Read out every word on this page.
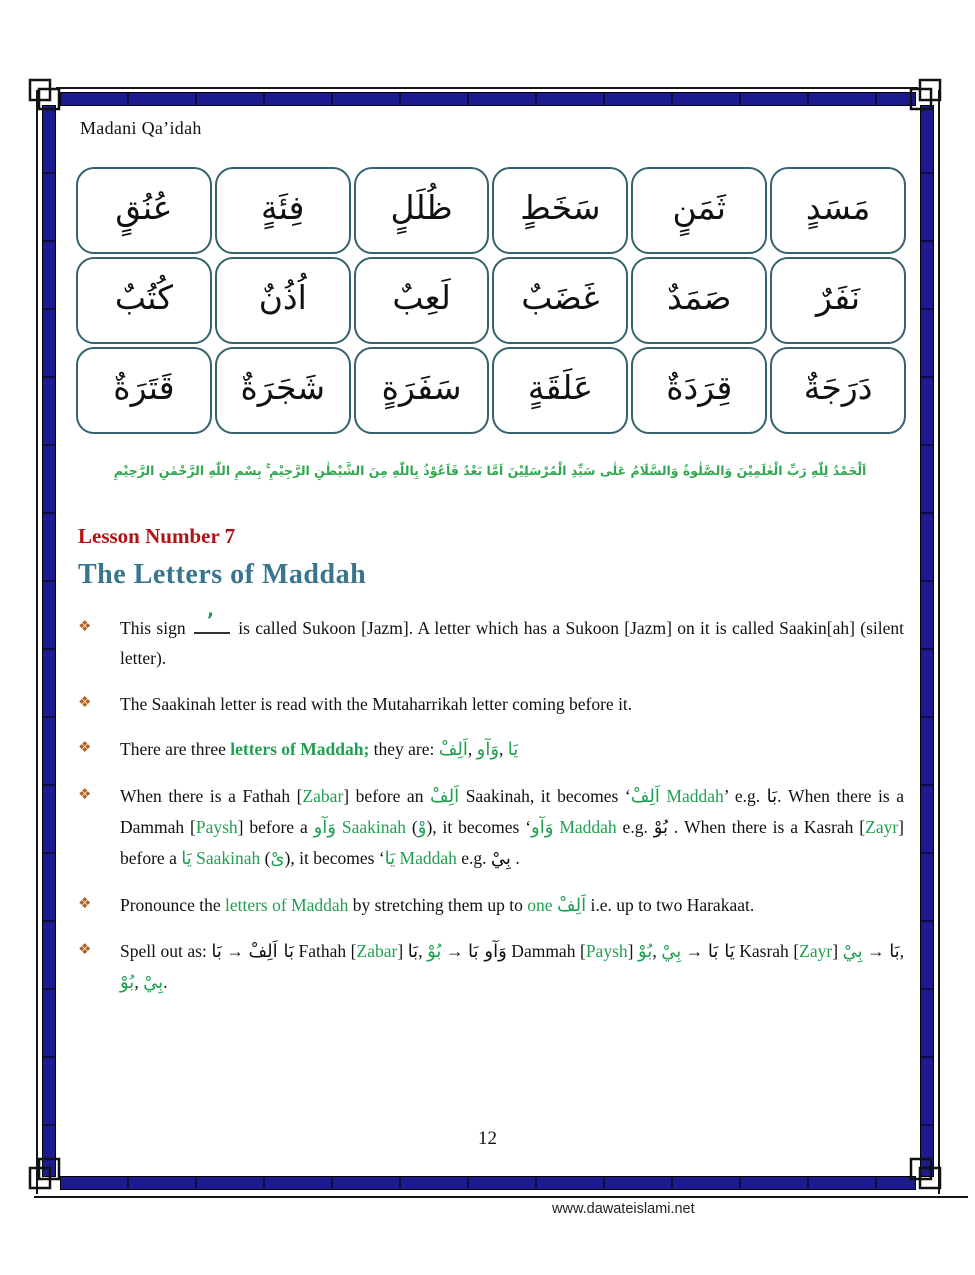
Madani Qa’idah
عُنُقٍ	فِئَةٍ	ظُلَلٍ	سَخَطٍ	ثَمَنٍ	مَسَدٍ
كُتُبٌ	اُذُنٌ	لَعِبٌ	غَضَبٌ	صَمَدٌ	نَفَرٌ
قَتَرَةٌ	شَجَرَةٌ	سَفَرَةٍ	عَلَقَةٍ	قِرَدَةٌ	دَرَجَةٌ
اَلْحَمْدُ لِلّٰهِ رَبِّ الْعٰلَمِيْنَ وَالصَّلٰوةُ وَالسَّلَامُ عَلٰى سَيِّدِ الْمُرْسَلِيْنَ اَمَّا بَعْدُ فَاَعُوْذُ بِاللّٰهِ مِنَ الشَّيْطٰنِ الرَّجِيْمِ ۚ بِسْمِ اللّٰهِ الرَّحْمٰنِ الرَّحِيْمِ
Lesson Number 7
The Letters of Maddah
❖	This sign ’ is called Sukoon [Jazm]. A letter which has a Sukoon [Jazm] on it is called Saakin[ah] (silent letter).
❖	The Saakinah letter is read with the Mutaharrikah letter coming before it.
❖	There are three letters of Maddah; they are: اَلِفْ, وَآو, يَا
❖	When there is a Fathah [Zabar] before an اَلِفْ Saakinah, it becomes ‘اَلِفْ Maddah’ e.g. بَا. When there is a Dammah [Paysh] before a وَآو Saakinah (وْ), it becomes ‘وَآو Maddah e.g. بُوْ . When there is a Kasrah [Zayr] before a يَا Saakinah (ىْ), it becomes ‘يَا Maddah e.g. بِيْ .
❖	Pronounce the letters of Maddah by stretching them up to one اَلِفْ i.e. up to two Harakaat.
❖	Spell out as: بَا → بَا اَلِفْ Fathah [Zabar] بَا, بُوْ → وَآو بَا Dammah [Paysh] بُوْ, بِيْ → يَا بَا Kasrah [Zayr] بِيْ → بَا, بُوْ, بِيْ.
12
www.dawateislami.net
